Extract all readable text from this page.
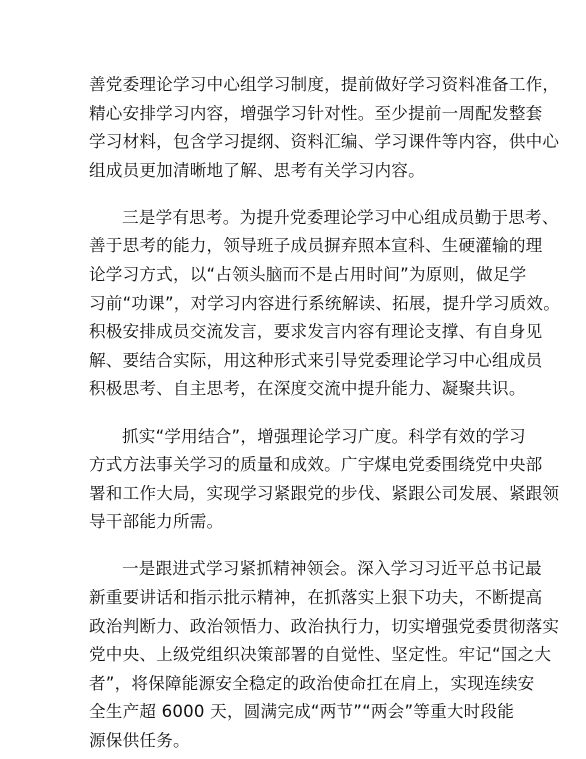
善党委理论学习中心组学习制度，提前做好学习资料准备工作，
精心安排学习内容，增强学习针对性。至少提前一周配发整套
学习材料，包含学习提纲、资料汇编、学习课件等内容，供中心
组成员更加清晰地了解、思考有关学习内容。

三是学有思考。为提升党委理论学习中心组成员勤于思考、
善于思考的能力，领导班子成员摒弃照本宣科、生硬灌输的理
论学习方式，以“占领头脑而不是占用时间”为原则，做足学
习前“功课”，对学习内容进行系统解读、拓展，提升学习质效。
积极安排成员交流发言，要求发言内容有理论支撑、有自身见
解、要结合实际，用这种形式来引导党委理论学习中心组成员
积极思考、自主思考，在深度交流中提升能力、凝聚共识。

抓实“学用结合”，增强理论学习广度。科学有效的学习
方式方法事关学习的质量和成效。广宇煤电党委围绕党中央部
署和工作大局，实现学习紧跟党的步伐、紧跟公司发展、紧跟领
导干部能力所需。

一是跟进式学习紧抓精神领会。深入学习习近平总书记最
新重要讲话和指示批示精神，在抓落实上狠下功夫，不断提高
政治判断力、政治领悟力、政治执行力，切实增强党委贯彻落实
党中央、上级党组织决策部署的自觉性、坚定性。牢记“国之大
者”，将保障能源安全稳定的政治使命扛在肩上，实现连续安
全生产超 6000 天，圆满完成“两节”“两会”等重大时段能
源保供任务。
